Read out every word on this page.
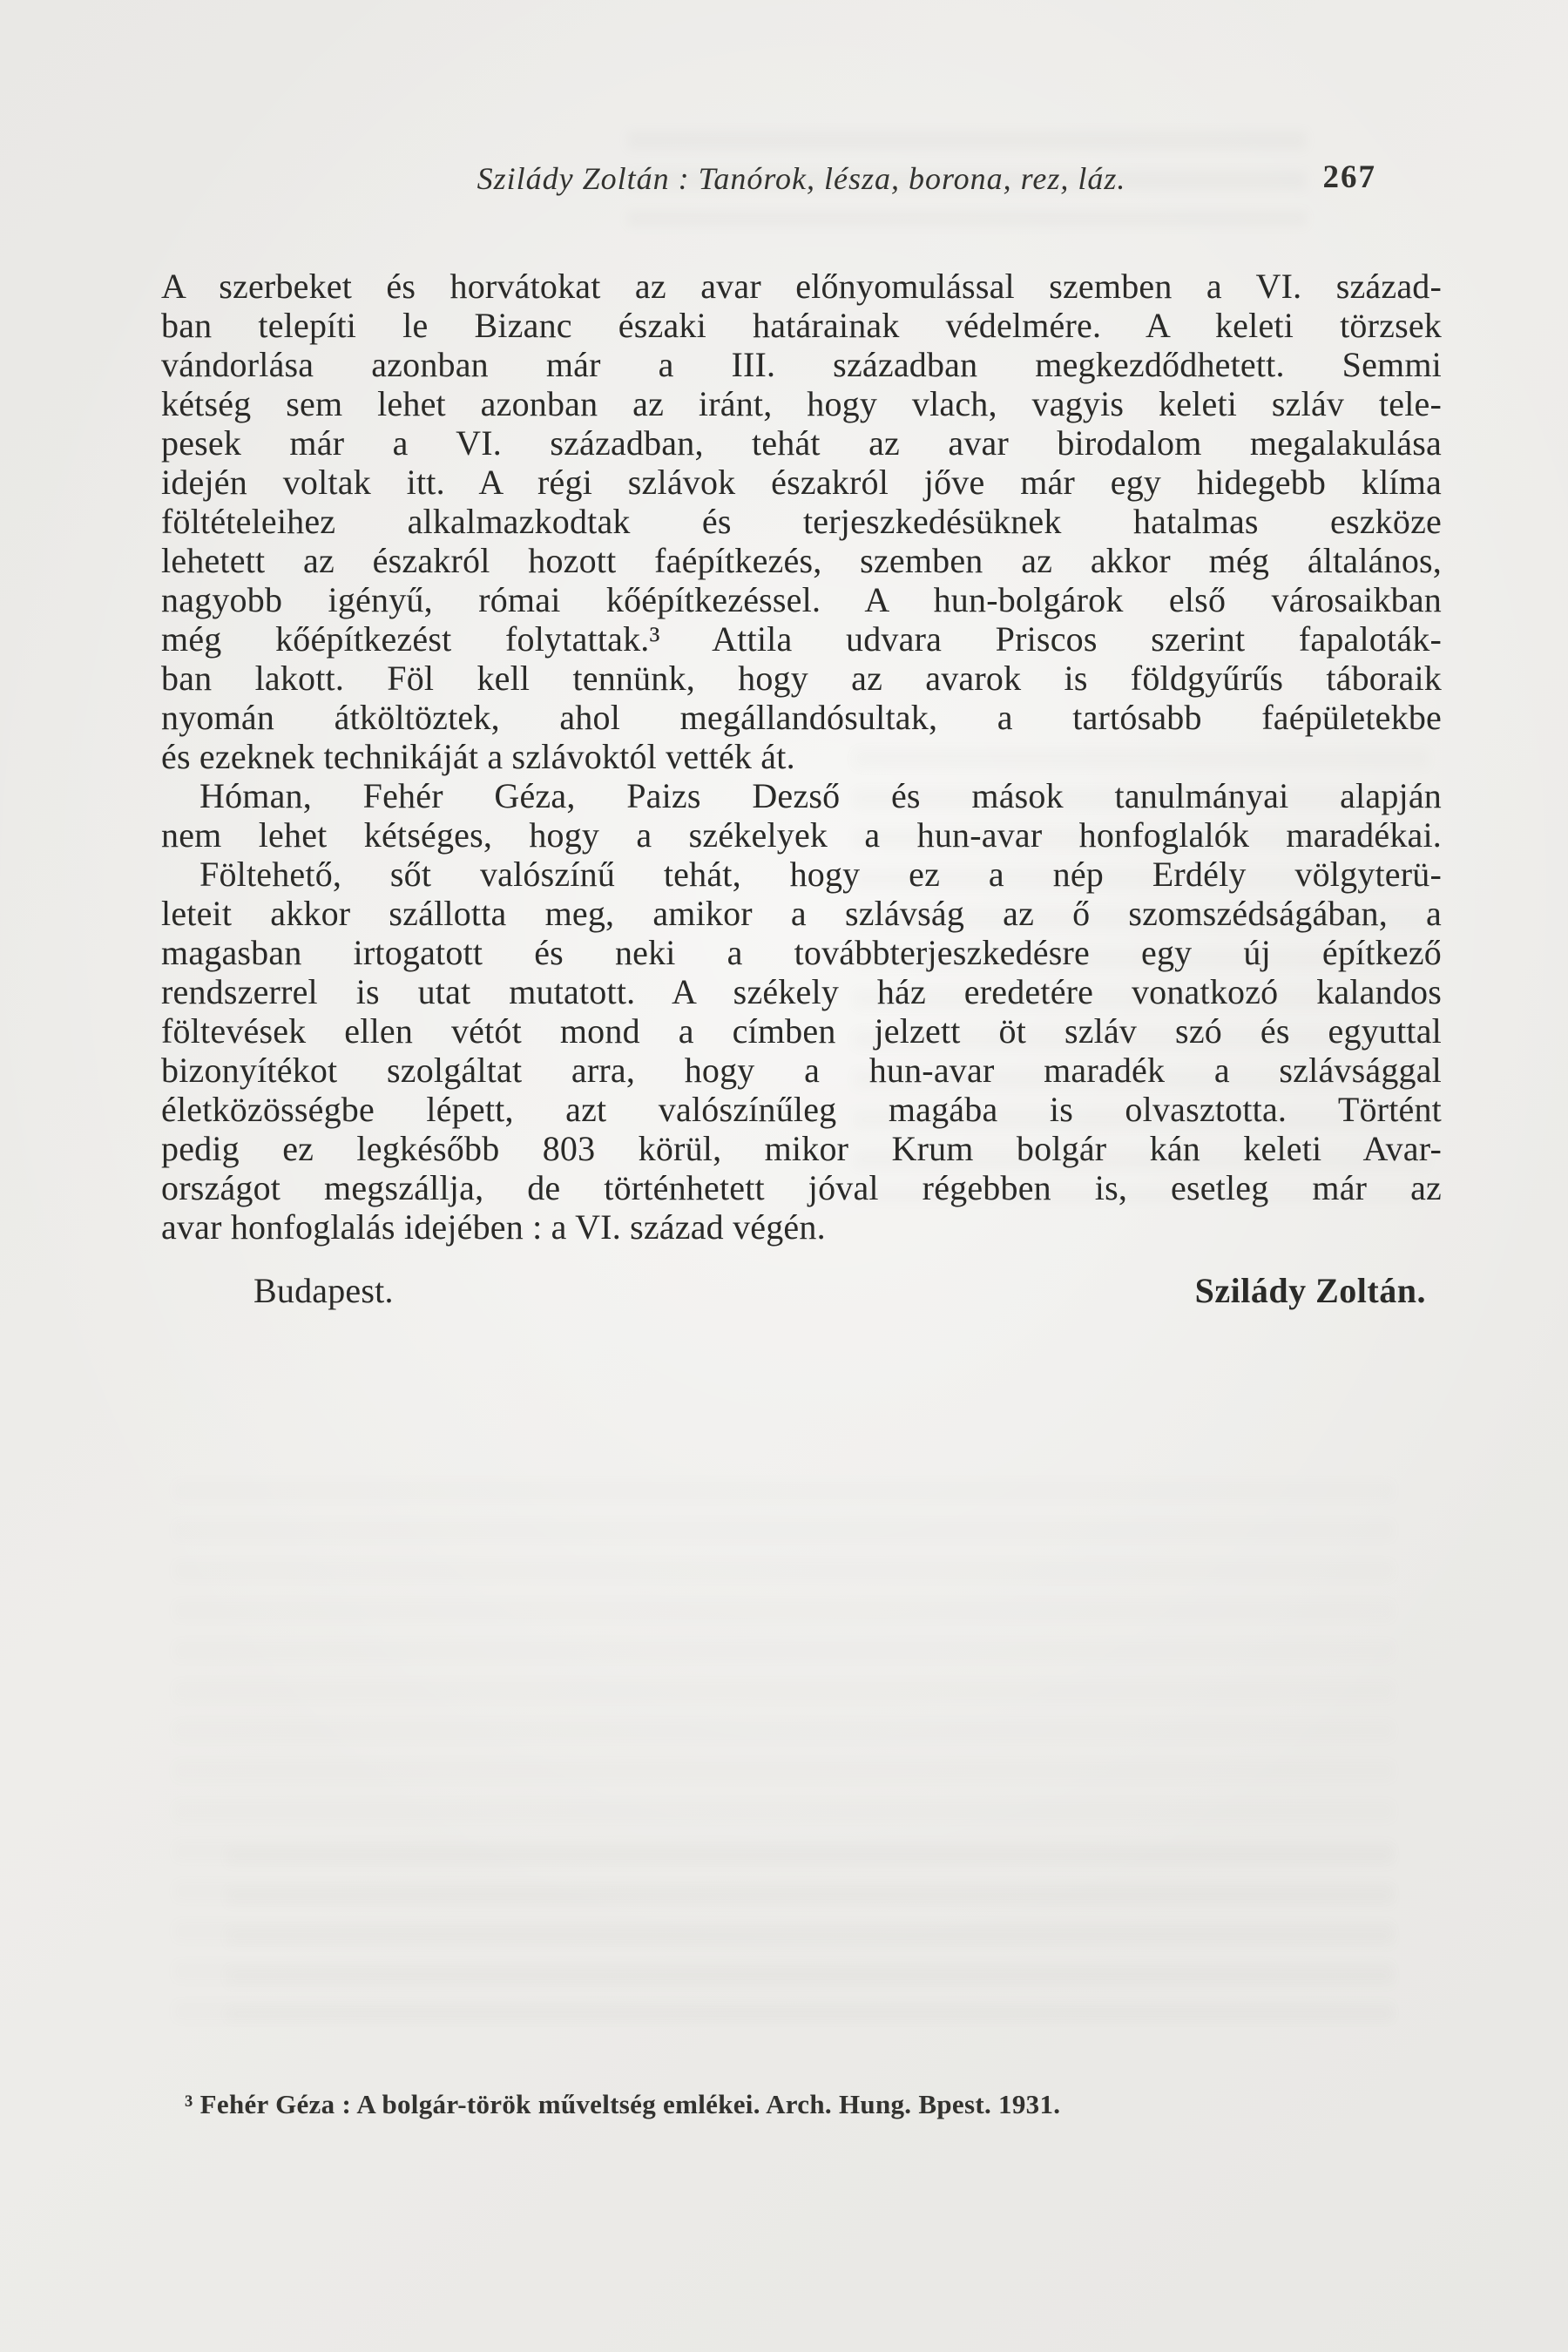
Szilády Zoltán : Tanórok, lésza, borona, rez, láz.	267
A szerbeket és horvátokat az avar előnyomulással szemben a VI. század-
ban telepíti le Bizanc északi határainak védelmére. A keleti törzsek
vándorlása azonban már a III. században megkezdődhetett. Semmi
kétség sem lehet azonban az iránt, hogy vlach, vagyis keleti szláv tele-
pesek már a VI. században, tehát az avar birodalom megalakulása
idején voltak itt. A régi szlávok északról jőve már egy hidegebb klíma
föltételeihez alkalmazkodtak és terjeszkedésüknek hatalmas eszköze
lehetett az északról hozott faépítkezés, szemben az akkor még általános,
nagyobb igényű, római kőépítkezéssel. A hun-bolgárok első városaikban
még kőépítkezést folytattak.³ Attila udvara Priscos szerint fapaloták-
ban lakott. Föl kell tennünk, hogy az avarok is földgyűrűs táboraik
nyomán átköltöztek, ahol megállandósultak, a tartósabb faépületekbe
és ezeknek technikáját a szlávoktól vették át.
Hóman, Fehér Géza, Paizs Dezső és mások tanulmányai alapján
nem lehet kétséges, hogy a székelyek a hun-avar honfoglalók maradékai.
Föltehető, sőt valószínű tehát, hogy ez a nép Erdély völgyterü-
leteit akkor szállotta meg, amikor a szlávság az ő szomszédságában, a
magasban irtogatott és neki a továbbterjeszkedésre egy új építkező
rendszerrel is utat mutatott. A székely ház eredetére vonatkozó kalandos
föltevések ellen vétót mond a címben jelzett öt szláv szó és egyuttal
bizonyítékot szolgáltat arra, hogy a hun-avar maradék a szlávsággal
életközösségbe lépett, azt valószínűleg magába is olvasztotta. Történt
pedig ez legkésőbb 803 körül, mikor Krum bolgár kán keleti Avar-
országot megszállja, de történhetett jóval régebben is, esetleg már az
avar honfoglalás idejében : a VI. század végén.
Budapest.	Szilády Zoltán.
³ Fehér Géza : A bolgár-török műveltség emlékei. Arch. Hung. Bpest. 1931.
